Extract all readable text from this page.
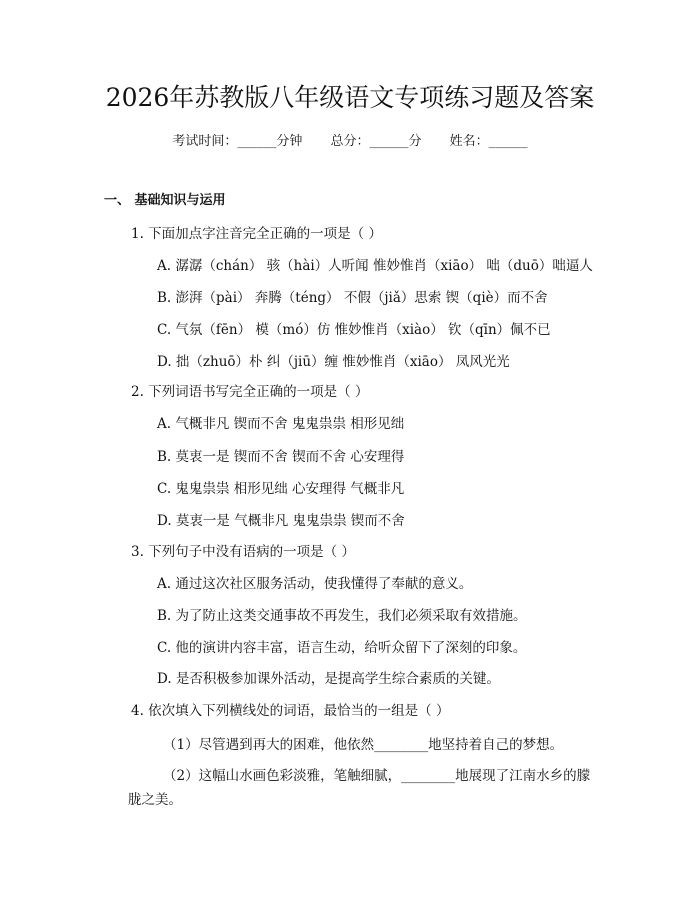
2026年苏教版八年级语文专项练习题及答案
考试时间：______分钟 总分：______分 姓名：______
一、 基础知识与运用
1. 下面加点字注音完全正确的一项是（ ）
A. 潺潺（chán） 骇（hài）人听闻 惟妙惟肖（xiāo） 咄（duō）咄逼人
B. 澎湃（pài） 奔腾（téng） 不假（jiǎ）思索 锲（qiè）而不舍
C. 气氛（fēn） 模（mó）仿 惟妙惟肖（xiào） 钦（qīn）佩不已
D. 拙（zhuō）朴 纠（jiū）缠 惟妙惟肖（xiāo） 凤风光光
2. 下列词语书写完全正确的一项是（ ）
A. 气概非凡 锲而不舍 鬼鬼祟祟 相形见绌
B. 莫衷一是 锲而不舍 锲而不舍 心安理得
C. 鬼鬼祟祟 相形见绌 心安理得 气概非凡
D. 莫衷一是 气概非凡 鬼鬼祟祟 锲而不舍
3. 下列句子中没有语病的一项是（ ）
A. 通过这次社区服务活动，使我懂得了奉献的意义。
B. 为了防止这类交通事故不再发生，我们必须采取有效措施。
C. 他的演讲内容丰富，语言生动，给听众留下了深刻的印象。
D. 是否积极参加课外活动，是提高学生综合素质的关键。
4. 依次填入下列横线处的词语，最恰当的一组是（ ）
（1）尽管遇到再大的困难，他依然________地坚持着自己的梦想。
（2）这幅山水画色彩淡雅，笔触细腻，________地展现了江南水乡的朦
胧之美。
